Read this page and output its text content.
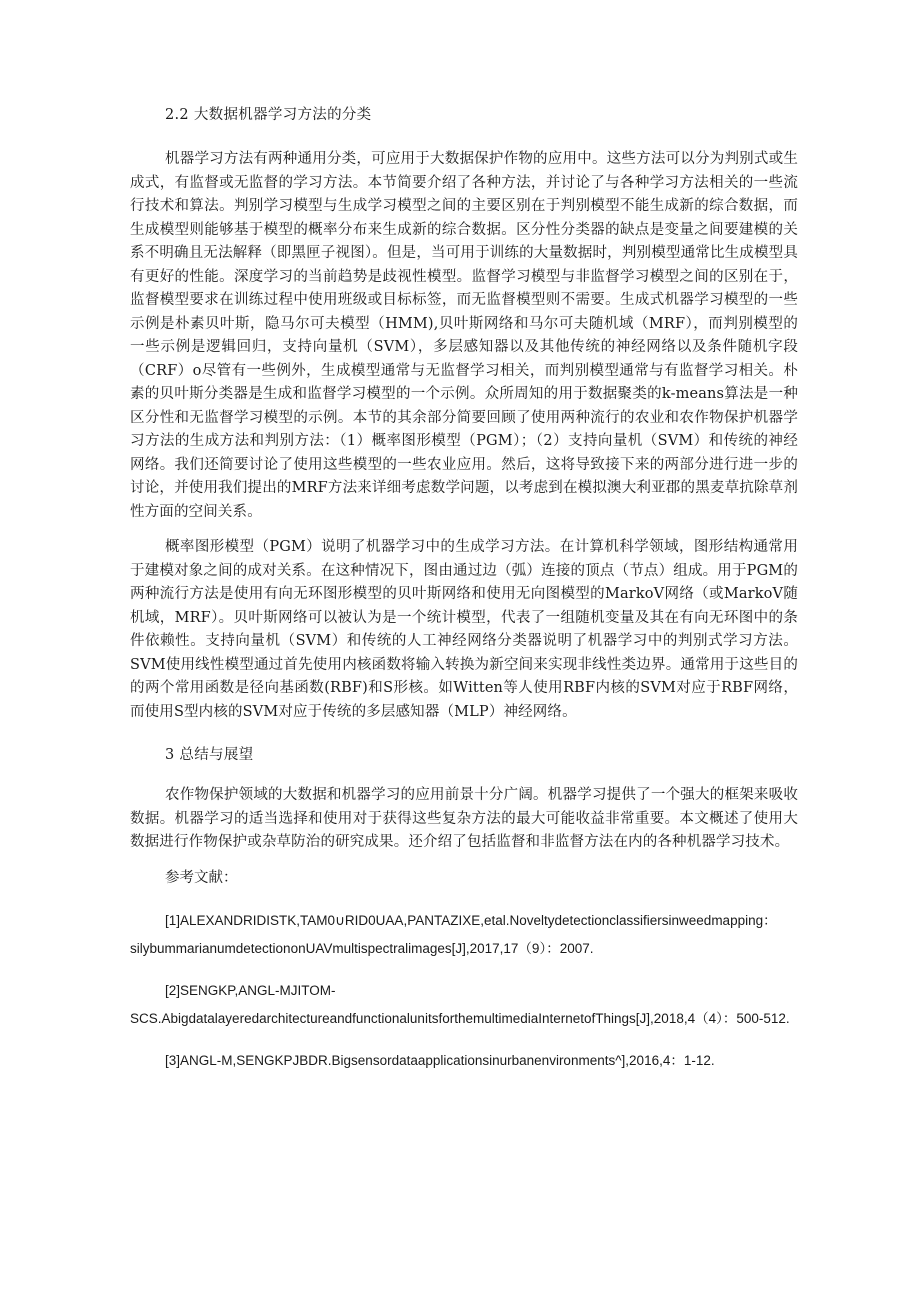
2.2 大数据机器学习方法的分类

机器学习方法有两种通用分类，可应用于大数据保护作物的应用中。这些方法可以分为判别式或生成式，有监督或无监督的学习方法。本节简要介绍了各种方法，并讨论了与各种学习方法相关的一些流行技术和算法。判别学习模型与生成学习模型之间的主要区别在于判别模型不能生成新的综合数据，而生成模型则能够基于模型的概率分布来生成新的综合数据。区分性分类器的缺点是变量之间要建模的关系不明确且无法解释（即黑匣子视图）。但是，当可用于训练的大量数据时，判别模型通常比生成模型具有更好的性能。深度学习的当前趋势是歧视性模型。监督学习模型与非监督学习模型之间的区别在于，监督模型要求在训练过程中使用班级或目标标签，而无监督模型则不需要。生成式机器学习模型的一些示例是朴素贝叶斯，隐马尔可夫模型（HMM),贝叶斯网络和马尔可夫随机域（MRF），而判别模型的一些示例是逻辑回归，支持向量机（SVM），多层感知器以及其他传统的神经网络以及条件随机字段（CRF）o尽管有一些例外，生成模型通常与无监督学习相关，而判别模型通常与有监督学习相关。朴素的贝叶斯分类器是生成和监督学习模型的一个示例。众所周知的用于数据聚类的k-means算法是一种区分性和无监督学习模型的示例。本节的其余部分简要回顾了使用两种流行的农业和农作物保护机器学习方法的生成方法和判别方法：（1）概率图形模型（PGM）；（2）支持向量机（SVM）和传统的神经网络。我们还简要讨论了使用这些模型的一些农业应用。然后，这将导致接下来的两部分进行进一步的讨论，并使用我们提出的MRF方法来详细考虑数学问题，以考虑到在模拟澳大利亚郡的黑麦草抗除草剂性方面的空间关系。

概率图形模型（PGM）说明了机器学习中的生成学习方法。在计算机科学领域，图形结构通常用于建模对象之间的成对关系。在这种情况下，图由通过边（弧）连接的顶点（节点）组成。用于PGM的两种流行方法是使用有向无环图形模型的贝叶斯网络和使用无向图模型的MarkoV网络（或MarkoV随机域，MRF）。贝叶斯网络可以被认为是一个统计模型，代表了一组随机变量及其在有向无环图中的条件依赖性。支持向量机（SVM）和传统的人工神经网络分类器说明了机器学习中的判别式学习方法。SVM使用线性模型通过首先使用内核函数将输入转换为新空间来实现非线性类边界。通常用于这些目的的两个常用函数是径向基函数(RBF)和S形核。如Witten等人使用RBF内核的SVM对应于RBF网络，而使用S型内核的SVM对应于传统的多层感知器（MLP）神经网络。

3 总结与展望

农作物保护领域的大数据和机器学习的应用前景十分广阔。机器学习提供了一个强大的框架来吸收数据。机器学习的适当选择和使用对于获得这些复杂方法的最大可能收益非常重要。本文概述了使用大数据进行作物保护或杂草防治的研究成果。还介绍了包括监督和非监督方法在内的各种机器学习技术。

参考文献：
[1]ALEXANDRIDISTK,TAM0∪RID0UAA,PANTAZIXE,etal.Noveltydetectionclassifiersinweedmapping：
silybummarianumdetectiononUAVmultispectralimages[J],2017,17（9）：2007.
[2]SENGKP,ANGL-MJITOM-
SCS.AbigdatalayeredarchitectureandfunctionalunitsforthemultimediaInternetofThings[J],2018,4（4）：500-512.
[3]ANGL-M,SENGKPJBDR.Bigsensordataapplicationsinurbanenvironments^],2016,4：1-12.
